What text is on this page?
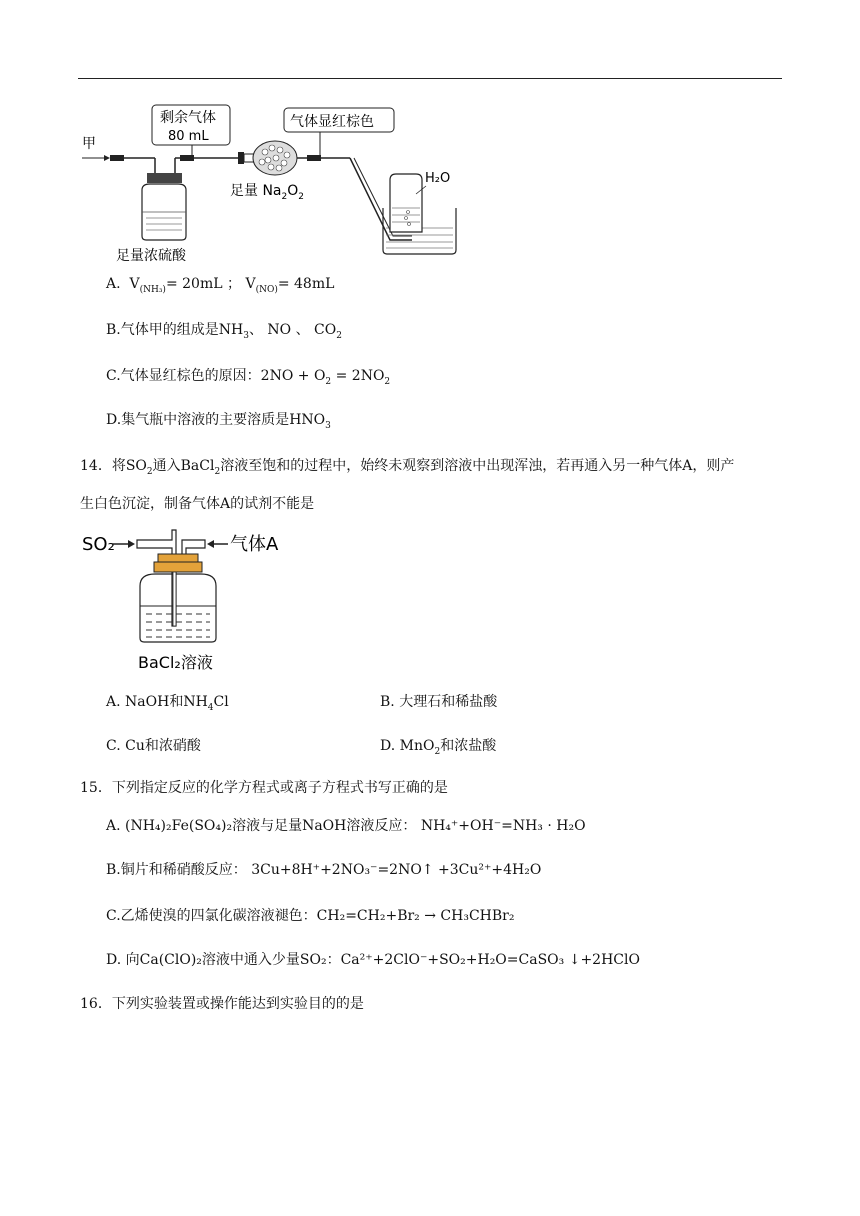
甲
足量浓硫酸
剩余气体
80 mL
足量 $Na_2O_2$
气体显红棕色
H₂O
A. $V_{(NH_3)}= 20mL$ ； $V_{(NO)}= 48mL$
B.气体甲的组成是$NH_3$、 NO 、 $CO_2$
C.气体显红棕色的原因：$2NO + O_2 = 2NO_2$
D.集气瓶中溶液的主要溶质是$HNO_3$
14．将$SO_2$通入BaCl$_2$溶液至饱和的过程中，始终未观察到溶液中出现浑浊，若再通入另一种气体A，则产
生白色沉淀，制备气体A的试剂不能是
SO₂	气体A
BaCl₂溶液
A. NaOH和$NH_4Cl$	B. 大理石和稀盐酸
C. Cu和浓硝酸	D. MnO$_2$和浓盐酸
15．下列指定反应的化学方程式或离子方程式书写正确的是
A. (NH₄)₂Fe(SO₄)₂溶液与足量NaOH溶液反应： NH₄⁺+OH⁻=NH₃ · H₂O
B.铜片和稀硝酸反应： 3Cu+8H⁺+2NO₃⁻=2NO↑ +3Cu²⁺+4H₂O
C.乙烯使溴的四氯化碳溶液褪色：CH₂=CH₂+Br₂ → CH₃CHBr₂
D. 向Ca(ClO)₂溶液中通入少量SO₂：Ca²⁺+2ClO⁻+SO₂+H₂O=CaSO₃ ↓+2HClO
16．下列实验装置或操作能达到实验目的的是
